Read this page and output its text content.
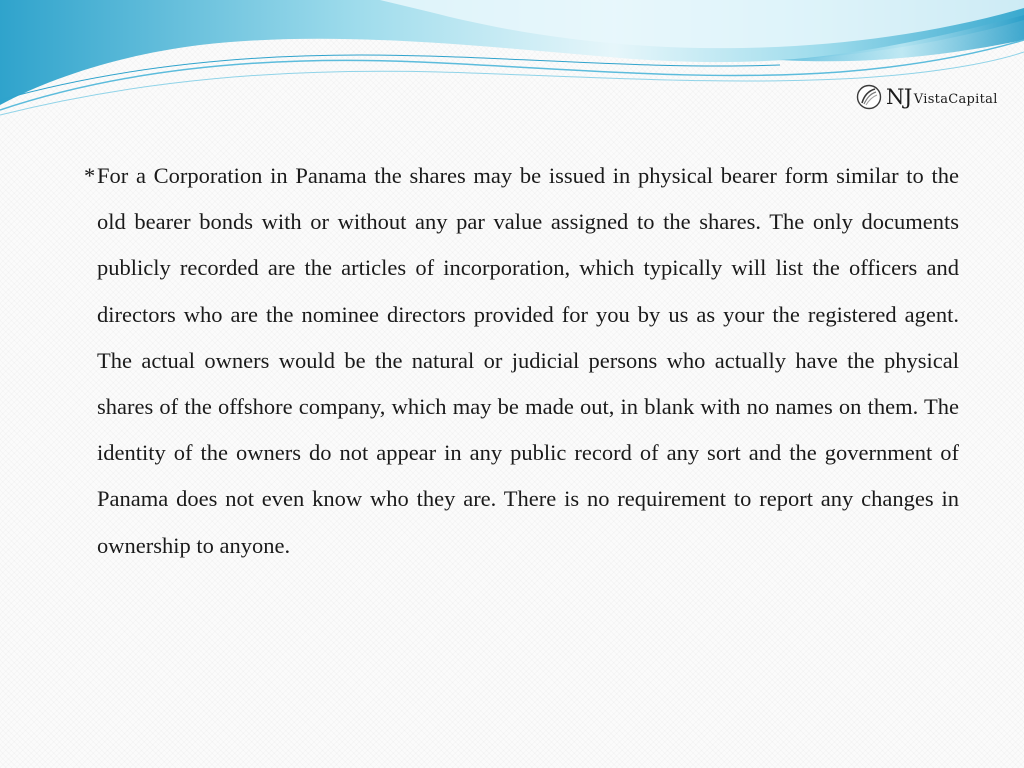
NJ VistaCapital

* For a Corporation in Panama the shares may be issued in physical bearer form similar to the old bearer bonds with or without any par value assigned to the shares. The only documents publicly recorded are the articles of incorporation, which typically will list the officers and directors who are the nominee directors provided for you by us as your the registered agent. The actual owners would be the natural or judicial persons who actually have the physical shares of the offshore company, which may be made out, in blank with no names on them. The identity of the owners do not appear in any public record of any sort and the government of Panama does not even know who they are. There is no requirement to report any changes in ownership to anyone.
